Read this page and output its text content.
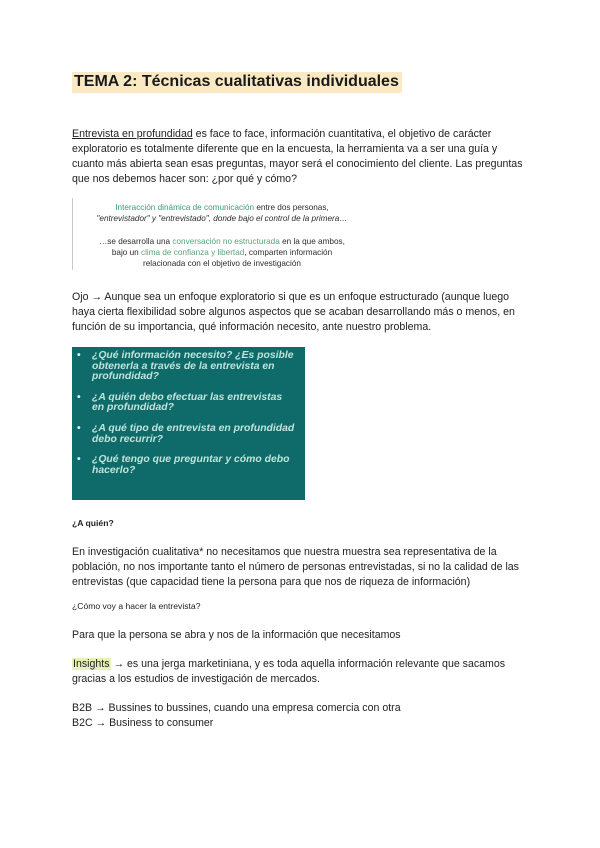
TEMA 2: Técnicas cualitativas individuales

Entrevista en profundidad es face to face, información cuantitativa, el objetivo de carácter exploratorio es totalmente diferente que en la encuesta, la herramienta va a ser una guía y cuanto más abierta sean esas preguntas, mayor será el conocimiento del cliente. Las preguntas que nos debemos hacer son: ¿por qué y cómo?

Interacción dinámica de comunicación entre dos personas,
"entrevistador" y "entrevistado", donde bajo el control de la primera…
…se desarrolla una conversación no estructurada en la que ambos,
bajo un clima de confianza y libertad, comparten información
relacionada con el objetivo de investigación

Ojo → Aunque sea un enfoque exploratorio si que es un enfoque estructurado (aunque luego haya cierta flexibilidad sobre algunos aspectos que se acaban desarrollando más o menos, en función de su importancia, qué información necesito, ante nuestro problema.

• ¿Qué información necesito? ¿Es posible obtenerla a través de la entrevista en profundidad?
• ¿A quién debo efectuar las entrevistas en profundidad?
• ¿A qué tipo de entrevista en profundidad debo recurrir?
• ¿Qué tengo que preguntar y cómo debo hacerlo?

¿A quién?

En investigación cualitativa* no necesitamos que nuestra muestra sea representativa de la población, no nos importante tanto el número de personas entrevistadas, si no la calidad de las entrevistas (que capacidad tiene la persona para que nos de riqueza de información)

¿Cómo voy a hacer la entrevista?

Para que la persona se abra y nos de la información que necesitamos

Insights → es una jerga marketiniana, y es toda aquella información relevante que sacamos gracias a los estudios de investigación de mercados.

B2B → Bussines to bussines, cuando una empresa comercia con otra

B2C → Business to consumer
